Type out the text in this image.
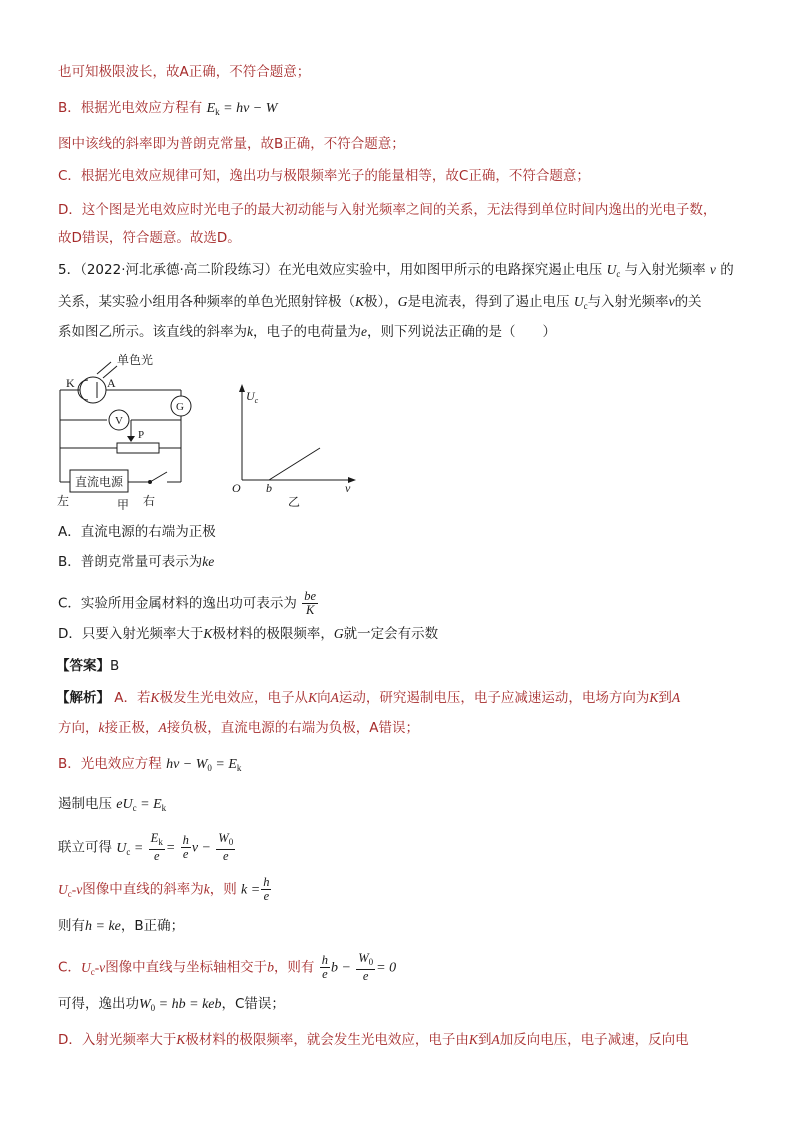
也可知极限波长，故A正确，不符合题意；
B．根据光电效应方程有 $E_k = h\nu - W$
图中该线的斜率即为普朗克常量，故B正确，不符合题意；
C．根据光电效应规律可知，逸出功与极限频率光子的能量相等，故C正确，不符合题意；
D．这个图是光电效应时光电子的最大初动能与入射光频率之间的关系，无法得到单位时间内逸出的光电子数，
故D错误，符合题意。故选D。
5．（2022·河北承德·高二阶段练习）在光电效应实验中，用如图甲所示的电路探究遏止电压 $U_c$ 与入射光频率 ν 的
关系，某实验小组用各种频率的单色光照射锌极（K极），G是电流表，得到了遏止电压 $U_c$与入射光频率ν的关
系如图乙所示。该直线的斜率为k，电子的电荷量为e，则下列说法正确的是（　　）
单色光
K	A
V
G
P
直流电源
左	右
甲
$U_c$
O b	v
乙
A．直流电源的右端为正极
B．普朗克常量可表示为ke
C．实验所用金属材料的逸出功可表示为 $\frac{be}{K}$
D．只要入射光频率大于K极材料的极限频率，G就一定会有示数
【答案】B
【解析】 A．若K极发生光电效应，电子从K向A运动，研究遏制电压，电子应减速运动，电场方向为K到A
方向，k接正极，A接负极，直流电源的右端为负极，A错误；
B．光电效应方程 $h\nu - W_0 = E_k$
遏制电压 $eU_c = E_k$
联立可得 $U_c = \frac{E_k}{e} = \frac{h}{e}$ $\nu - \frac{W_0}{e}$
$U_c-\nu$图像中直线的斜率为k，则 $k = \frac{h}{e}$
则有h = ke，B正确；
C．$U_c-\nu$图像中直线与坐标轴相交于b，则有 $\frac{h}{e}$ $b - \frac{W_0}{e} = 0$
可得，逸出功$W_0$ = hb = keb，C错误；
D．入射光频率大于K极材料的极限频率，就会发生光电效应，电子由K到A加反向电压，电子减速，反向电
